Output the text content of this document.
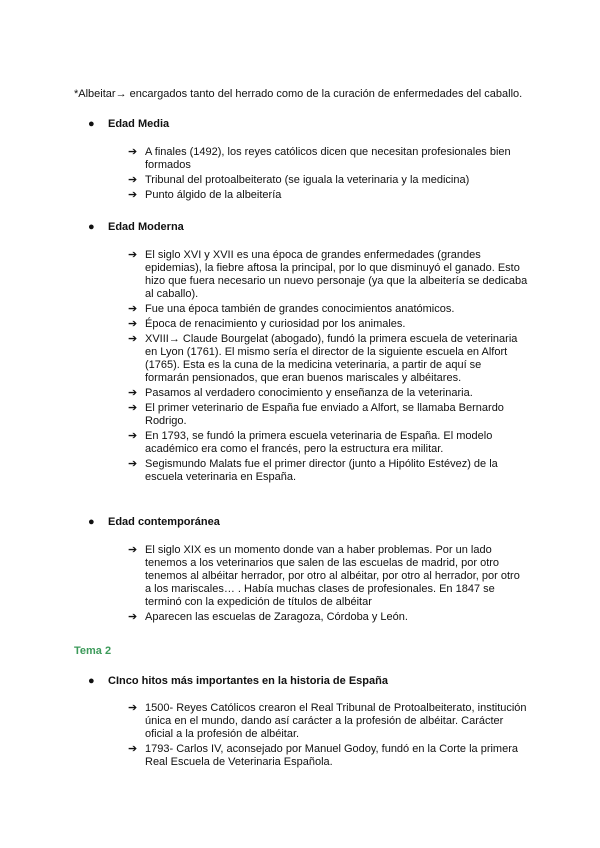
*Albeitar→ encargados tanto del herrado como de la curación de enfermedades del caballo.
● Edad Media
➔ A finales (1492), los reyes católicos dicen que necesitan profesionales bien formados
➔ Tribunal del protoalbeiterato (se iguala la veterinaria y la medicina)
➔ Punto álgido de la albeitería
● Edad Moderna
➔ El siglo XVI y XVII es una época de grandes enfermedades (grandes epidemias), la fiebre aftosa la principal, por lo que disminuyó el ganado. Esto hizo que fuera necesario un nuevo personaje (ya que la albeitería se dedicaba al caballo).
➔ Fue una época también de grandes conocimientos anatómicos.
➔ Época de renacimiento y curiosidad por los animales.
➔ XVIII→ Claude Bourgelat (abogado), fundó la primera escuela de veterinaria en Lyon (1761). El mismo sería el director de la siguiente escuela en Alfort (1765). Esta es la cuna de la medicina veterinaria, a partir de aquí se formarán pensionados, que eran buenos mariscales y albéitares.
➔ Pasamos al verdadero conocimiento y enseñanza de la veterinaria.
➔ El primer veterinario de España fue enviado a Alfort, se llamaba Bernardo Rodrigo.
➔ En 1793, se fundó la primera escuela veterinaria de España. El modelo académico era como el francés, pero la estructura era militar.
➔ Segismundo Malats fue el primer director (junto a Hipólito Estévez) de la escuela veterinaria en España.
● Edad contemporánea
➔ El siglo XIX es un momento donde van a haber problemas. Por un lado tenemos a los veterinarios que salen de las escuelas de madrid, por otro tenemos al albéitar herrador, por otro al albéitar, por otro al herrador, por otro a los mariscales… . Había muchas clases de profesionales. En 1847 se terminó con la expedición de títulos de albéitar
➔ Aparecen las escuelas de Zaragoza, Córdoba y León.
Tema 2
● CInco hitos más importantes en la historia de España
➔ 1500- Reyes Católicos crearon el Real Tribunal de Protoalbeiterato, institución única en el mundo, dando así carácter a la profesión de albéitar. Carácter oficial a la profesión de albéitar.
➔ 1793- Carlos IV, aconsejado por Manuel Godoy, fundó en la Corte la primera Real Escuela de Veterinaria Española.
